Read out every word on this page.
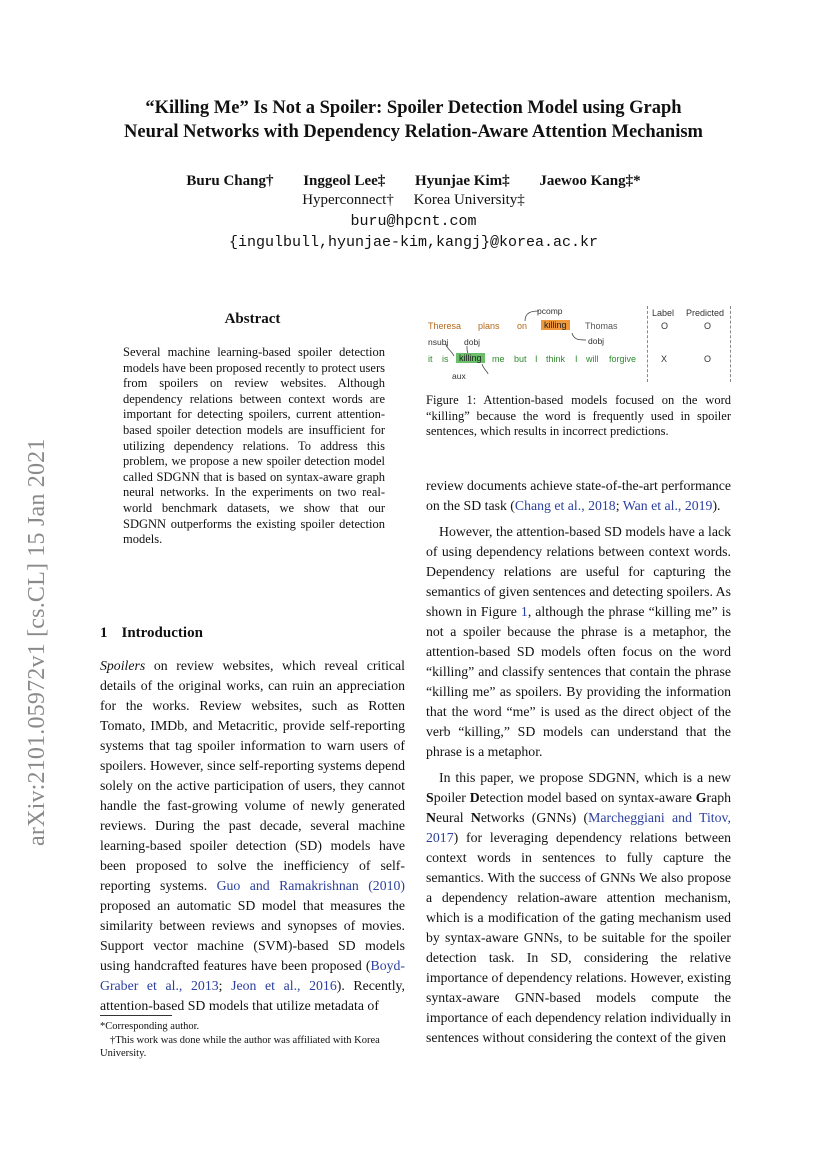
“Killing Me” Is Not a Spoiler: Spoiler Detection Model using Graph
Neural Networks with Dependency Relation-Aware Attention Mechanism
Buru Chang† Inggeol Lee‡ Hyunjae Kim‡ Jaewoo Kang‡*
Hyperconnect† Korea University‡
buru@hpcnt.com
{ingulbull,hyunjae-kim,kangj}@korea.ac.kr
arXiv:2101.05972v1 [cs.CL] 15 Jan 2021
Abstract
Several machine learning-based spoiler detection models have been proposed recently to protect users from spoilers on review websites. Although dependency relations between context words are important for detecting spoilers, current attention-based spoiler detection models are insufficient for utilizing dependency relations. To address this problem, we propose a new spoiler detection model called SDGNN that is based on syntax-aware graph neural networks. In the experiments on two real-world benchmark datasets, we show that our SDGNN outperforms the existing spoiler detection models.
1 Introduction

Spoilers on review websites, which reveal critical details of the original works, can ruin an appreciation for the works. Review websites, such as Rotten Tomato, IMDb, and Metacritic, provide self-reporting systems that tag spoiler information to warn users of spoilers. However, since self-reporting systems depend solely on the active participation of users, they cannot handle the fast-growing volume of newly generated reviews. During the past decade, several machine learning-based spoiler detection (SD) models have been proposed to solve the inefficiency of self-reporting systems. Guo and Ramakrishnan (2010) proposed an automatic SD model that measures the similarity between reviews and synopses of movies. Support vector machine (SVM)-based SD models using handcrafted features have been proposed (Boyd-Graber et al., 2013; Jeon et al., 2016). Recently, attention-based SD models that utilize metadata of

*Corresponding author.
†This work was done while the author was affiliated with Korea University.
Label Predicted
pcomp
dobj
nsubj dobj
aux
Theresa plans on	killing	Thomas	O	O
it is	killing	me but I think I will forgive	X	O
Figure 1: Attention-based models focused on the word “killing” because the word is frequently used in spoiler sentences, which results in incorrect predictions.

review documents achieve state-of-the-art performance on the SD task (Chang et al., 2018; Wan et al., 2019).

However, the attention-based SD models have a lack of using dependency relations between context words. Dependency relations are useful for capturing the semantics of given sentences and detecting spoilers. As shown in Figure 1, although the phrase “killing me” is not a spoiler because the phrase is a metaphor, the attention-based SD models often focus on the word “killing” and classify sentences that contain the phrase “killing me” as spoilers. By providing the information that the word “me” is used as the direct object of the verb “killing,” SD models can understand that the phrase is a metaphor.

In this paper, we propose SDGNN, which is a new Spoiler Detection model based on syntax-aware Graph Neural Networks (GNNs) (Marcheggiani and Titov, 2017) for leveraging dependency relations between context words in sentences to fully capture the semantics. With the success of GNNs We also propose a dependency relation-aware attention mechanism, which is a modification of the gating mechanism used by syntax-aware GNNs, to be suitable for the spoiler detection task. In SD, considering the relative importance of dependency relations. However, existing syntax-aware GNN-based models compute the importance of each dependency relation individually in sentences without considering the context of the given
